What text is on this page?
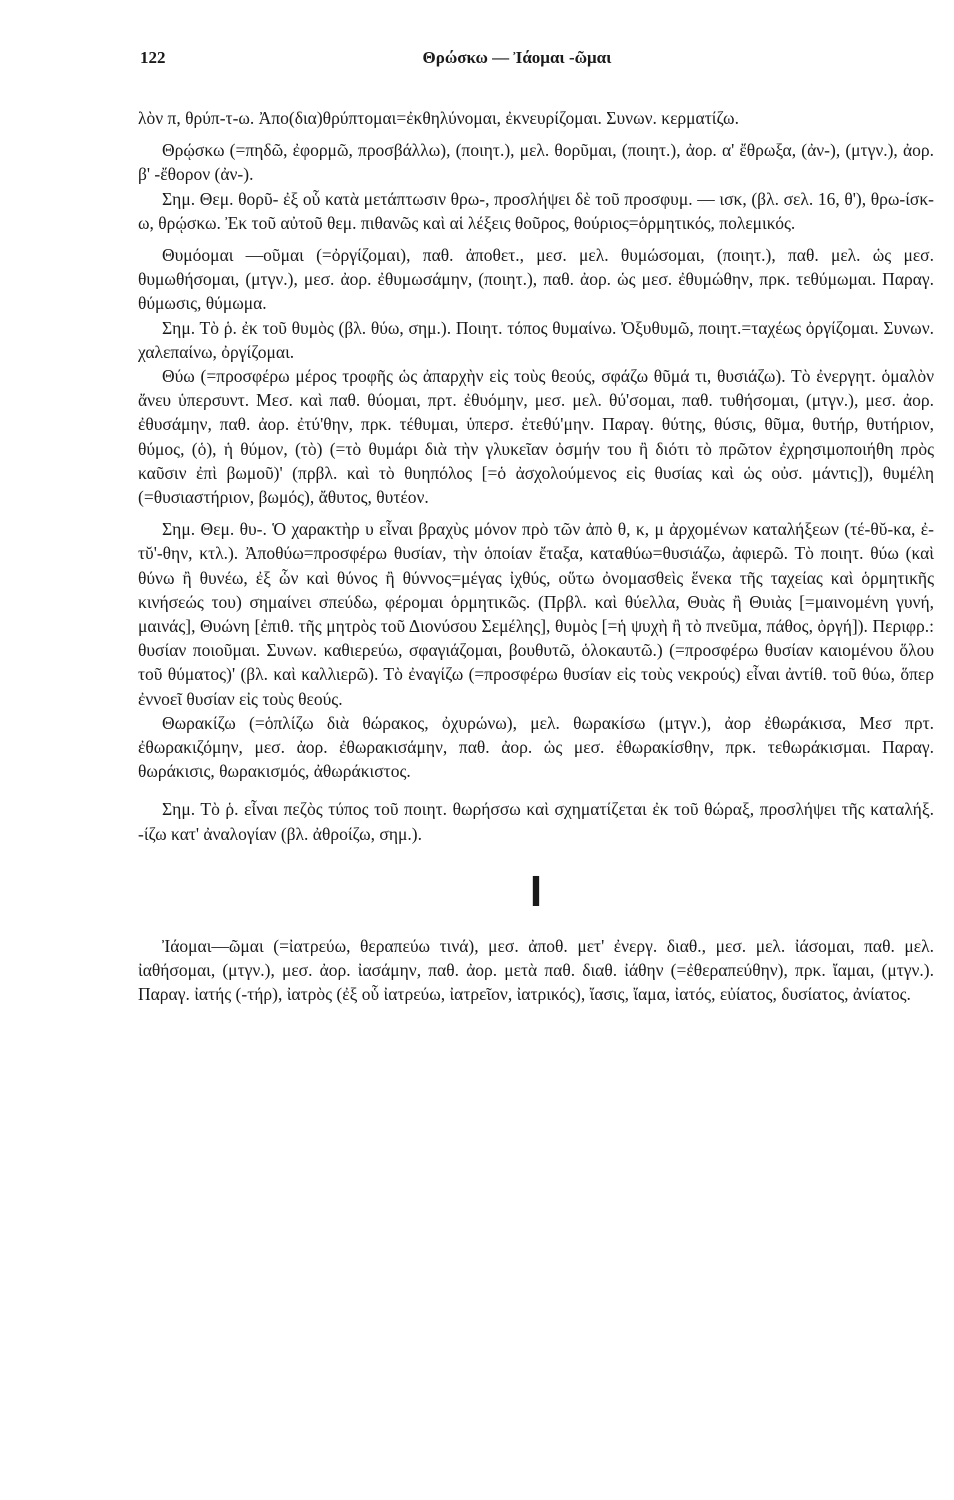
122	Θρώσκω — Ἰάομαι -ῶμαι

λὸν π, θρύπ-τ-ω. Ἀπο(δια)θρύπτομαι=ἐκθηλύνομαι, ἐκνευρίζομαι. Συνων. κερματίζω.

Θρῴσκω (=πηδῶ, ἐφορμῶ, προσβάλλω), (ποιητ.), μελ. θορῦμαι, (ποιητ.), ἀορ. α' ἔθρωξα, (ἀν-), (μτγν.), ἀορ. β' -ἔθορον (ἀν-).

Σημ. Θεμ. θορῦ- ἐξ οὗ κατὰ μετάπτωσιν θρω-, προσλήψει δὲ τοῦ προσφυμ. — ισκ, (βλ. σελ. 16, θ'), θρω-ίσκ-ω, θρῴσκω. Ἐκ τοῦ αὐτοῦ θεμ. πιθανῶς καὶ αἱ λέξεις θοῦρος, θούριος=ὁρμητικός, πολεμικός.

Θυμόομαι —οῦμαι (=ὀργίζομαι), παθ. ἀποθετ., μεσ. μελ. θυμώσομαι, (ποιητ.), παθ. μελ. ὡς μεσ. θυμωθήσομαι, (μτγν.), μεσ. ἀορ. ἐθυμωσάμην, (ποιητ.), παθ. ἀορ. ὡς μεσ. ἐθυμώθην, πρκ. τεθύμωμαι. Παραγ. θύμωσις, θύμωμα.

Σημ. Τὸ ῥ. ἐκ τοῦ θυμὸς (βλ. θύω, σημ.). Ποιητ. τόπος θυμαίνω. Ὀξυθυμῶ, ποιητ.=ταχέως ὀργίζομαι. Συνων. χαλεπαίνω, ὀργίζομαι.

Θύω (=προσφέρω μέρος τροφῆς ὡς ἀπαρχὴν εἰς τοὺς θεούς, σφάζω θῦμά τι, θυσιάζω). Τὸ ἐνεργητ. ὁμαλὸν ἄνευ ὑπερσυντ. Μεσ. καὶ παθ. θύομαι, πρτ. ἐθυόμην, μεσ. μελ. θύ'σομαι, παθ. τυθήσομαι, (μτγν.), μεσ. ἀορ. ἐθυσάμην, παθ. ἀορ. ἐτύ'θην, πρκ. τέθυμαι, ὑπερσ. ἐτεθύ'μην. Παραγ. θύτης, θύσις, θῦμα, θυτήρ, θυτήριον, θύμος, (ὁ), ἡ θύμον, (τὸ) (=τὸ θυμάρι διὰ τὴν γλυκεῖαν ὀσμήν του ἢ διότι τὸ πρῶτον ἐχρησιμοποιήθη πρὸς καῦσιν ἐπὶ βωμοῦ)' (πρβλ. καὶ τὸ θυηπόλος [=ὁ ἀσχολούμενος εἰς θυσίας καὶ ὡς οὐσ. μάντις]), θυμέλη (=θυσιαστήριον, βωμός), ἄθυτος, θυτέον.

Σημ. Θεμ. θυ-. Ὁ χαρακτὴρ υ εἶναι βραχὺς μόνον πρὸ τῶν ἀπὸ θ, κ, μ ἀρχομένων καταλήξεων (τέ-θῠ-κα, ἐ-τῠ'-θην, κτλ.). Ἀποθύω=προσφέρω θυσίαν, τὴν ὁποίαν ἔταξα, καταθύω=θυσιάζω, ἀφιερῶ. Τὸ ποιητ. θύω (καὶ θύνω ἢ θυνέω, ἐξ ὧν καὶ θύνος ἢ θύννος=μέγας ἰχθύς, οὕτω ὀνομασθεὶς ἕνεκα τῆς ταχείας καὶ ὁρμητικῆς κινήσεώς του) σημαίνει σπεύδω, φέρομαι ὁρμητικῶς. (Πρβλ. καὶ θύελλα, Θυὰς ἢ Θυιὰς [=μαινομένη γυνή, μαινάς], Θυώνη [ἐπιθ. τῆς μητρὸς τοῦ Διονύσου Σεμέλης], θυμὸς [=ἡ ψυχὴ ἢ τὸ πνεῦμα, πάθος, ὀργή]). Περιφρ.: θυσίαν ποιοῦμαι. Συνων. καθιερεύω, σφαγιάζομαι, βουθυτῶ, ὁλοκαυτῶ.) (=προσφέρω θυσίαν καιομένου ὅλου τοῦ θύματος)' (βλ. καὶ καλλιερῶ). Τὸ ἐναγίζω (=προσφέρω θυσίαν εἰς τοὺς νεκρούς) εἶναι ἀντίθ. τοῦ θύω, ὅπερ ἐννοεῖ θυσίαν εἰς τοὺς θεούς.

Θωρακίζω (=ὁπλίζω διὰ θώρακος, ὀχυρώνω), μελ. θωρακίσω (μτγν.), ἀορ ἐθωράκισα, Μεσ πρτ. ἐθωρακιζόμην, μεσ. ἀορ. ἐθωρακισάμην, παθ. ἀορ. ὡς μεσ. ἐθωρακίσθην, πρκ. τεθωράκισμαι. Παραγ. θωράκισις, θωρακισμός, ἀθωράκιστος.

Σημ. Τὸ ῥ. εἶναι πεζὸς τύπος τοῦ ποιητ. θωρήσσω καὶ σχηματίζεται ἐκ τοῦ θώραξ, προσλήψει τῆς καταλήξ. -ίζω κατ' ἀναλογίαν (βλ. ἀθροίζω, σημ.).

I

Ἰάομαι—ῶμαι (=ἰατρεύω, θεραπεύω τινά), μεσ. ἀποθ. μετ' ἐνεργ. διαθ., μεσ. μελ. ἰάσομαι, παθ. μελ. ἰαθήσομαι, (μτγν.), μεσ. ἀορ. ἰασάμην, παθ. ἀορ. μετὰ παθ. διαθ. ἰάθην (=ἐθεραπεύθην), πρκ. ἴαμαι, (μτγν.). Παραγ. ἰατής (-τήρ), ἰατρὸς (ἐξ οὗ ἰατρεύω, ἰατρεῖον, ἰατρικός), ἴασις, ἴαμα, ἰατός, εὐίατος, δυσίατος, ἀνίατος.
